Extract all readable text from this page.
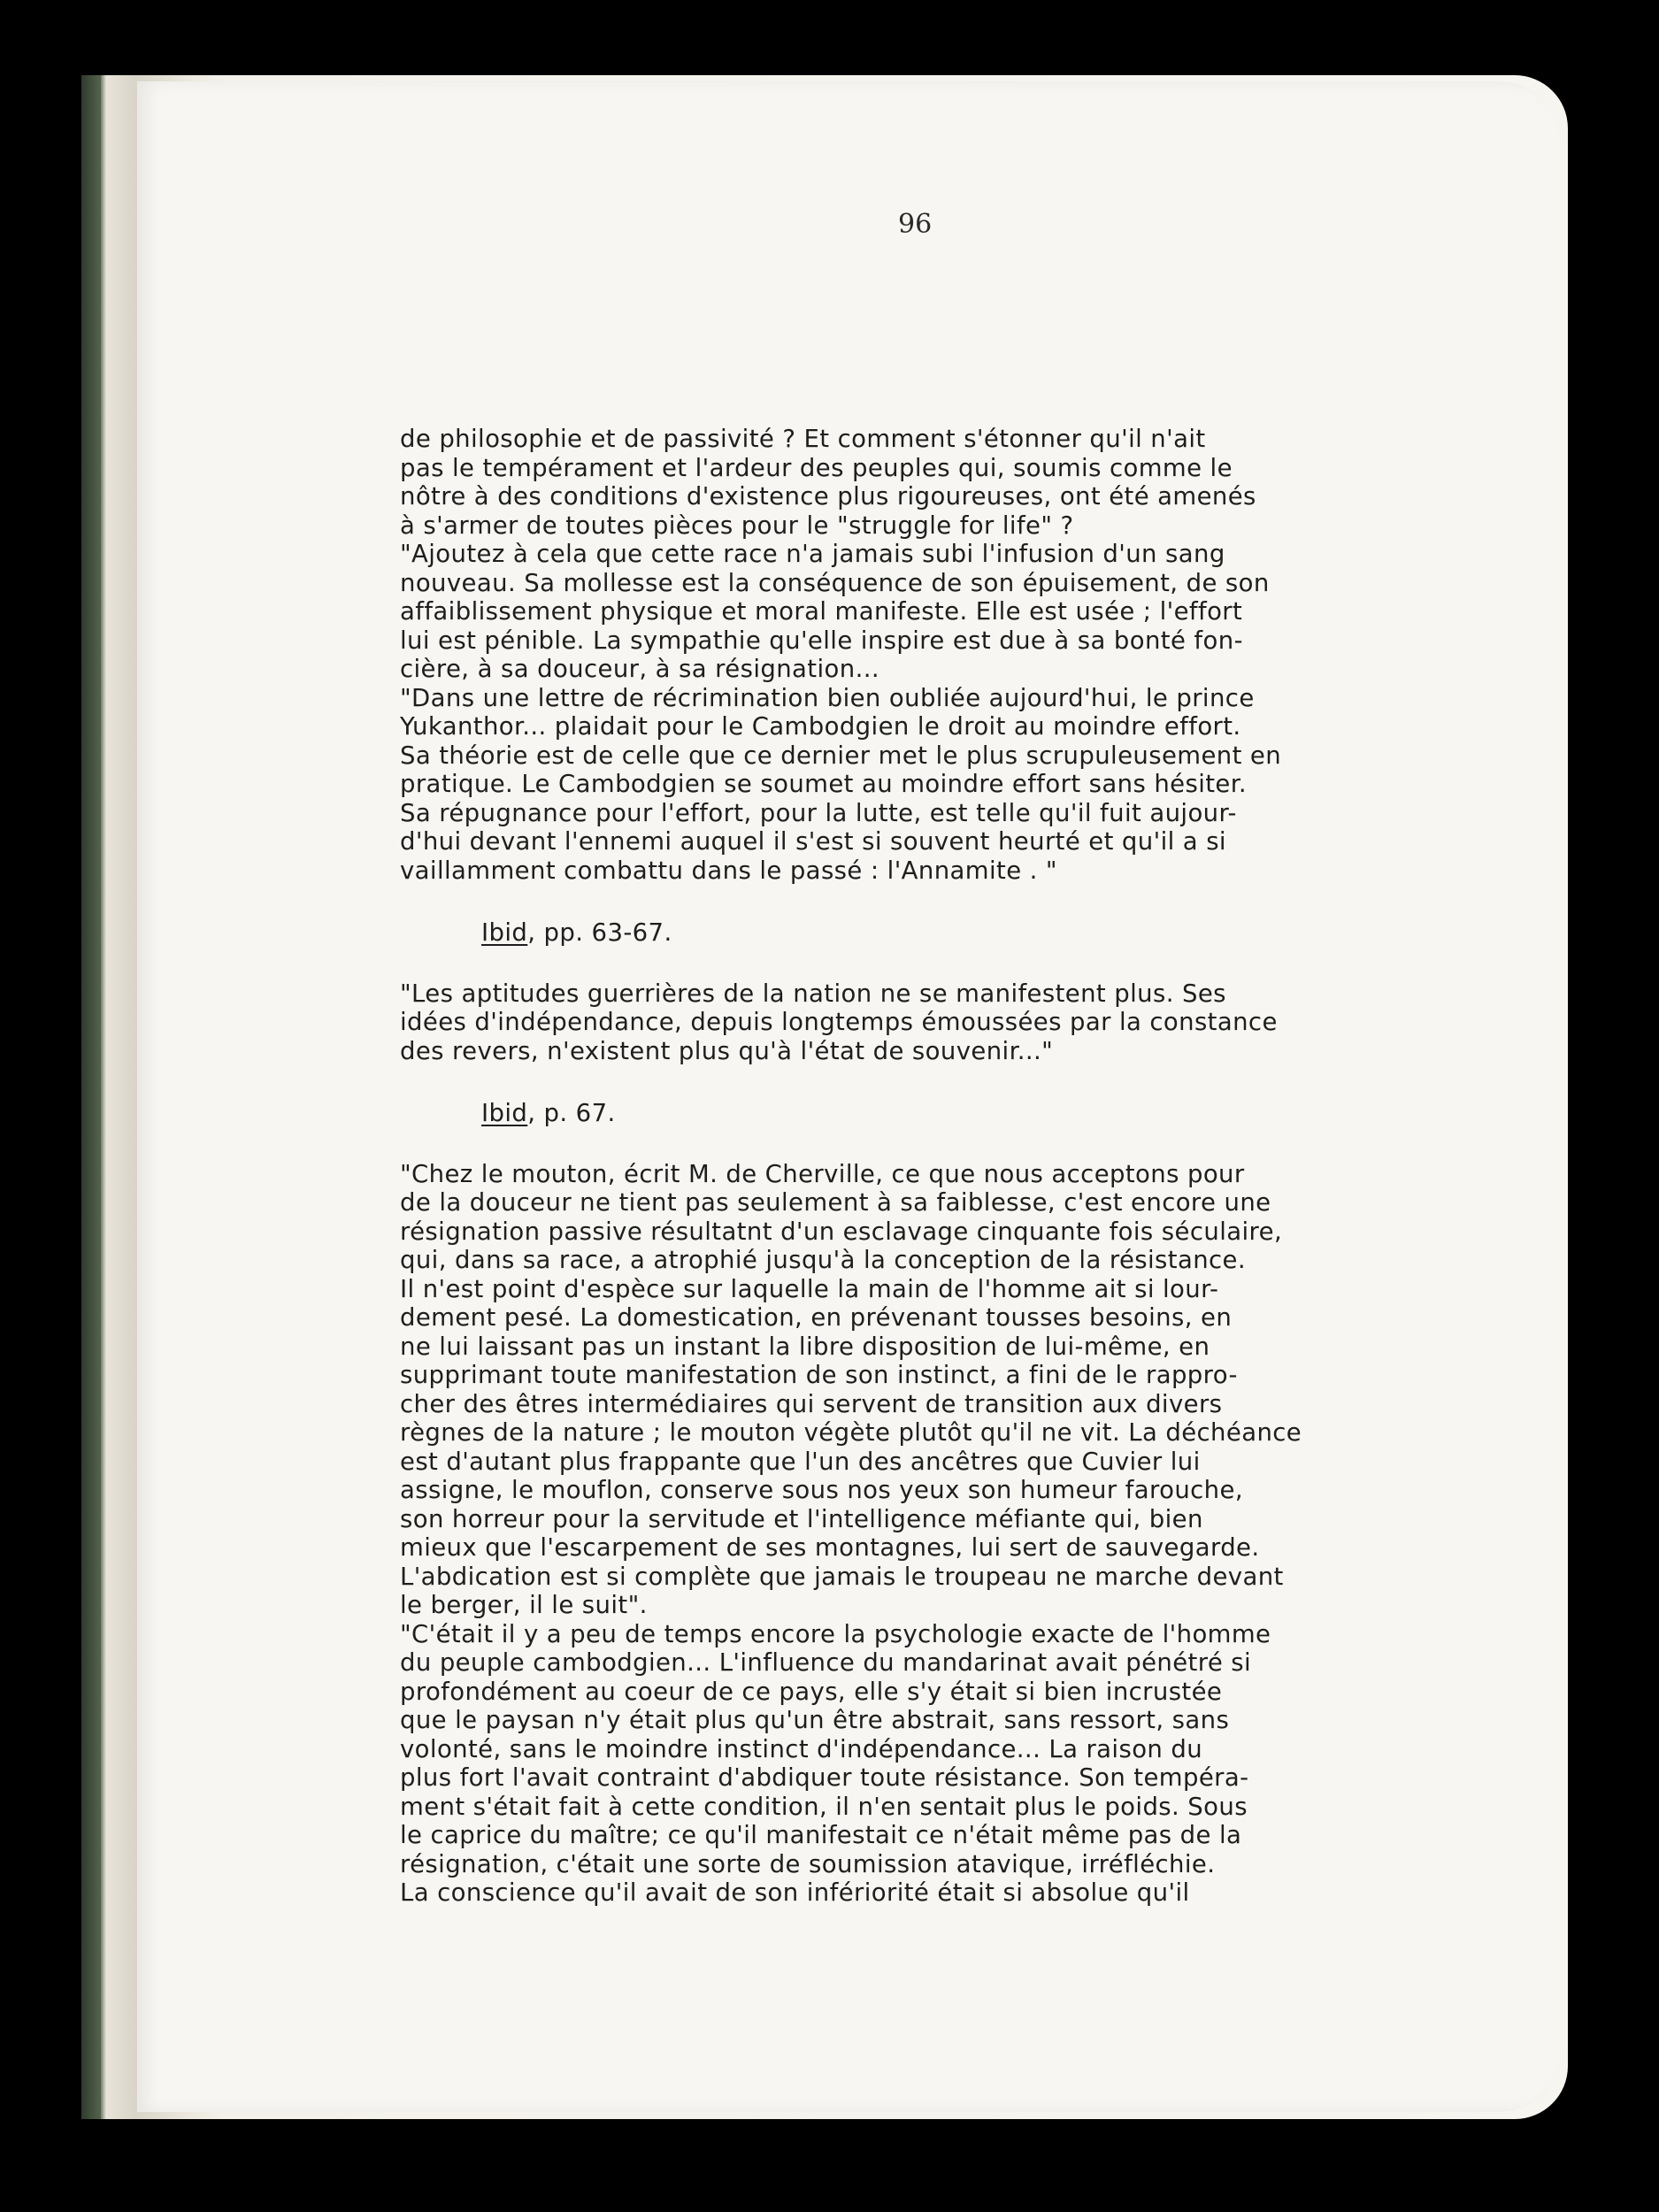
96

de philosophie et de passivité ? Et comment s'étonner qu'il n'ait
pas le tempérament et l'ardeur des peuples qui, soumis comme le
nôtre à des conditions d'existence plus rigoureuses, ont été amenés
à s'armer de toutes pièces pour le "struggle for life" ?
"Ajoutez à cela que cette race n'a jamais subi l'infusion d'un sang
nouveau. Sa mollesse est la conséquence de son épuisement, de son
affaiblissement physique et moral manifeste. Elle est usée ; l'effort
lui est pénible. La sympathie qu'elle inspire est due à sa bonté fon-
cière, à sa douceur, à sa résignation...
"Dans une lettre de récrimination bien oubliée aujourd'hui, le prince
Yukanthor... plaidait pour le Cambodgien le droit au moindre effort.
Sa théorie est de celle que ce dernier met le plus scrupuleusement en
pratique. Le Cambodgien se soumet au moindre effort sans hésiter.
Sa répugnance pour l'effort, pour la lutte, est telle qu'il fuit aujour-
d'hui devant l'ennemi auquel il s'est si souvent heurté et qu'il a si
vaillamment combattu dans le passé : l'Annamite . "
Ibid, pp. 63-67.
"Les aptitudes guerrières de la nation ne se manifestent plus. Ses
idées d'indépendance, depuis longtemps émoussées par la constance
des revers, n'existent plus qu'à l'état de souvenir..."
Ibid, p. 67.
"Chez le mouton, écrit M. de Cherville, ce que nous acceptons pour
de la douceur ne tient pas seulement à sa faiblesse, c'est encore une
résignation passive résultatnt d'un esclavage cinquante fois séculaire,
qui, dans sa race, a atrophié jusqu'à la conception de la résistance.
Il n'est point d'espèce sur laquelle la main de l'homme ait si lour-
dement pesé. La domestication, en prévenant tousses besoins, en
ne lui laissant pas un instant la libre disposition de lui-même, en
supprimant toute manifestation de son instinct, a fini de le rappro-
cher des êtres intermédiaires qui servent de transition aux divers
règnes de la nature ; le mouton végète plutôt qu'il ne vit. La déchéance
est d'autant plus frappante que l'un des ancêtres que Cuvier lui
assigne, le mouflon, conserve sous nos yeux son humeur farouche,
son horreur pour la servitude et l'intelligence méfiante qui, bien
mieux que l'escarpement de ses montagnes, lui sert de sauvegarde.
L'abdication est si complète que jamais le troupeau ne marche devant
le berger, il le suit".
"C'était il y a peu de temps encore la psychologie exacte de l'homme
du peuple cambodgien... L'influence du mandarinat avait pénétré si
profondément au coeur de ce pays, elle s'y était si bien incrustée
que le paysan n'y était plus qu'un être abstrait, sans ressort, sans
volonté, sans le moindre instinct d'indépendance... La raison du
plus fort l'avait contraint d'abdiquer toute résistance. Son tempéra-
ment s'était fait à cette condition, il n'en sentait plus le poids. Sous
le caprice du maître; ce qu'il manifestait ce n'était même pas de la
résignation, c'était une sorte de soumission atavique, irréfléchie.
La conscience qu'il avait de son infériorité était si absolue qu'il
